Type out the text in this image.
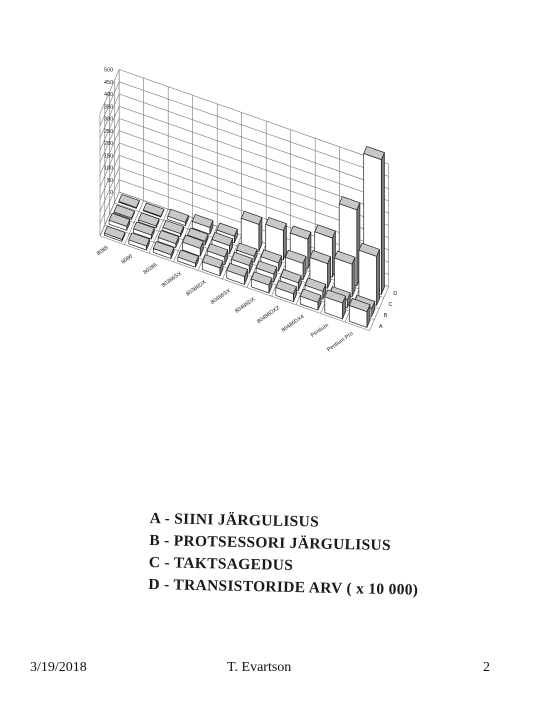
500
450
400
350
300
250
200
150
100
50
0
8088
8086
80286
80386SX 80386DX 80486SX 80486DX 80486DX2 80486DX4 Pentium
Pentium Pro
A
B
C
D
A - SIINI JÄRGULISUS
B - PROTSESSORI JÄRGULISUS
C - TAKTSAGEDUS
D - TRANSISTORIDE ARV ( x 10 000)
3/19/2018	T. Evartson	2
